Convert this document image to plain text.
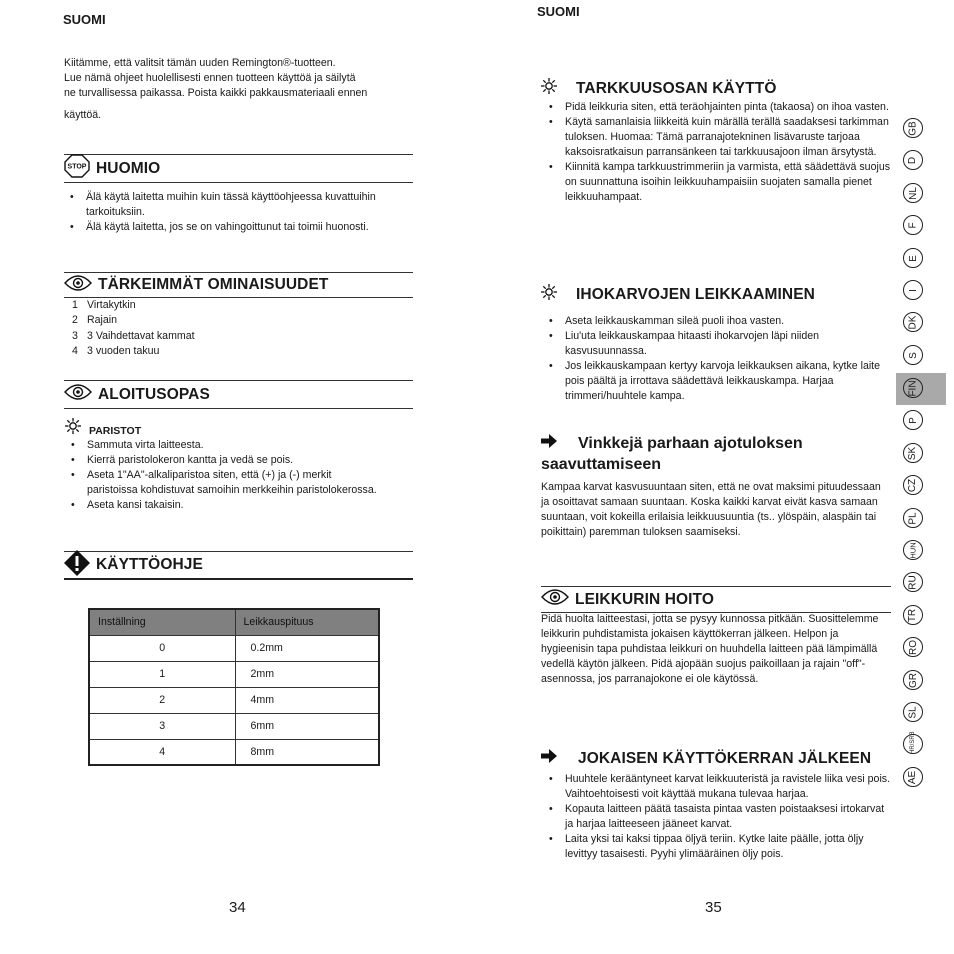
SUOMI
Kiitämme, että valitsit tämän uuden Remington®-tuotteen.
Lue nämä ohjeet huolellisesti ennen tuotteen käyttöä ja säilytä
ne turvallisessa paikassa. Poista kaikki pakkausmateriaali ennen
käyttöä.
STOP HUOMIO
• Älä käytä laitetta muihin kuin tässä käyttöohjeessa kuvattuihin tarkoituksiin.
• Älä käytä laitetta, jos se on vahingoittunut tai toimii huonosti.
TÄRKEIMMÄT OMINAISUUDET
1 Virtakytkin
2 Rajain
3 3 Vaihdettavat kammat
4 3 vuoden takuu
ALOITUSOPAS
PARISTOT
• Sammuta virta laitteesta.
• Kierrä paristolokeron kantta ja vedä se pois.
• Aseta 1"AA"-alkaliparistoa siten, että (+) ja (-) merkit paristoissa kohdistuvat samoihin merkkeihin paristolokerossa.
• Aseta kansi takaisin.
KÄYTTÖOHJE
Inställning	Leikkauspituus
0	0.2mm
1	2mm
2	4mm
3	6mm
4	8mm
34
SUOMI
TARKKUUSOSAN KÄYTTÖ
• Pidä leikkuria siten, että teräohjainten pinta (takaosa) on ihoa vasten.
• Käytä samanlaisia liikkeitä kuin märällä terällä saadaksesi tarkimman tuloksen. Huomaa: Tämä parranajotekninen lisävaruste tarjoaa kaksoisratkaisun parransänkeen tai tarkkuusajoon ilman ärsytystä.
• Kiinnitä kampa tarkkuustrimmeriin ja varmista, että säädettävä suojus on suunnattuna isoihin leikkuuhampaisiin suojaten samalla pienet leikkuuhampaat.
IHOKARVOJEN LEIKKAAMINEN
• Aseta leikkauskamman sileä puoli ihoa vasten.
• Liu'uta leikkauskampaa hitaasti ihokarvojen läpi niiden kasvusuunnassa.
• Jos leikkauskampaan kertyy karvoja leikkauksen aikana, kytke laite pois päältä ja irrottava säädettävä leikkauskampa. Harjaa trimmeri/huuhtele kampa.
Vinkkejä parhaan ajotuloksen
saavuttamiseen
Kampaa karvat kasvusuuntaan siten, että ne ovat maksimi pituudessaan ja osoittavat samaan suuntaan. Koska kaikki karvat eivät kasva samaan suuntaan, voit kokeilla erilaisia leikkuusuuntia (ts.. ylöspäin, alaspäin tai poikittain) paremman tuloksen saamiseksi.
LEIKKURIN HOITO
Pidä huolta laitteestasi, jotta se pysyy kunnossa pitkään. Suosittelemme leikkurin puhdistamista jokaisen käyttökerran jälkeen. Helpon ja hygieenisin tapa puhdistaa leikkuri on huuhdella laitteen pää lämpimällä vedellä käytön jälkeen. Pidä ajopään suojus paikoillaan ja rajain "off"-asennossa, jos parranajokone ei ole käytössä.
JOKAISEN KÄYTTÖKERRAN JÄLKEEN
• Huuhtele kerääntyneet karvat leikkuuteristä ja ravistele liika vesi pois. Vaihtoehtoisesti voit käyttää mukana tulevaa harjaa.
• Kopauta laitteen päätä tasaista pintaa vasten poistaaksesi irtokarvat ja harjaa laitteeseen jääneet karvat.
• Laita yksi tai kaksi tippaa öljyä teriin. Kytke laite päälle, jotta öljy levittyy tasaisesti. Pyyhi ylimääräinen öljy pois.
35
GB
D
NL
F
E
I
DK
S
FIN
P
SK
CZ
PL
HUN
RU
TR
RO
GR
SL
HR/SRB
AE
